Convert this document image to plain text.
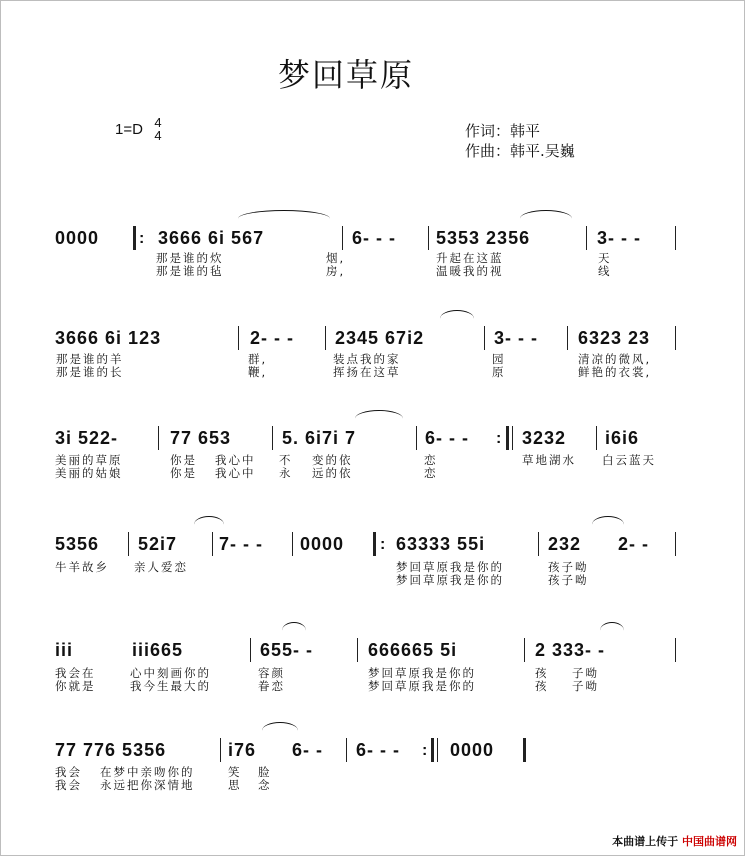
梦回草原
1=D 4
4	作词：韩平
作曲：韩平.吴巍
0000 : 3666 6i 567	6- - - 5353 2356	3- - -
那是谁的炊	烟,	升起在这蓝	天
那是谁的毡	房,	温暖我的视	线
3666 6i 123	2- - - 2345 67i2	3- - - 6323 23
那是谁的羊	群,	装点我的家	园	清凉的微风,
那是谁的长	鞭,	挥扬在这草	原	鲜艳的衣裳,
3i 522-	77 653	5. 6i7i 7	6- - - : 3232 i6i6
美丽的草原	你是 我心中 不 变的依	恋	草地湖水 白云蓝天
美丽的姑娘	你是 我心中 永 远的依	恋
5356 52i7 7- - - 0000 : 63333 55i	232 2- -
牛羊故乡 亲人爱恋	梦回草原我是你的	孩子呦
梦回草原我是你的	孩子呦
iii	iii665	655- -	666665 5i	2 333- -
我会在	心中刻画你的	容颜	梦回草原我是你的	孩 子呦
你就是	我今生最大的	眷恋	梦回草原我是你的	孩 子呦
77 776 5356	i76 6- - 6- - - : 0000
我会 在梦中亲吻你的	笑 脸
我会 永远把你深情地	思 念
本曲谱上传于 中国曲谱网
